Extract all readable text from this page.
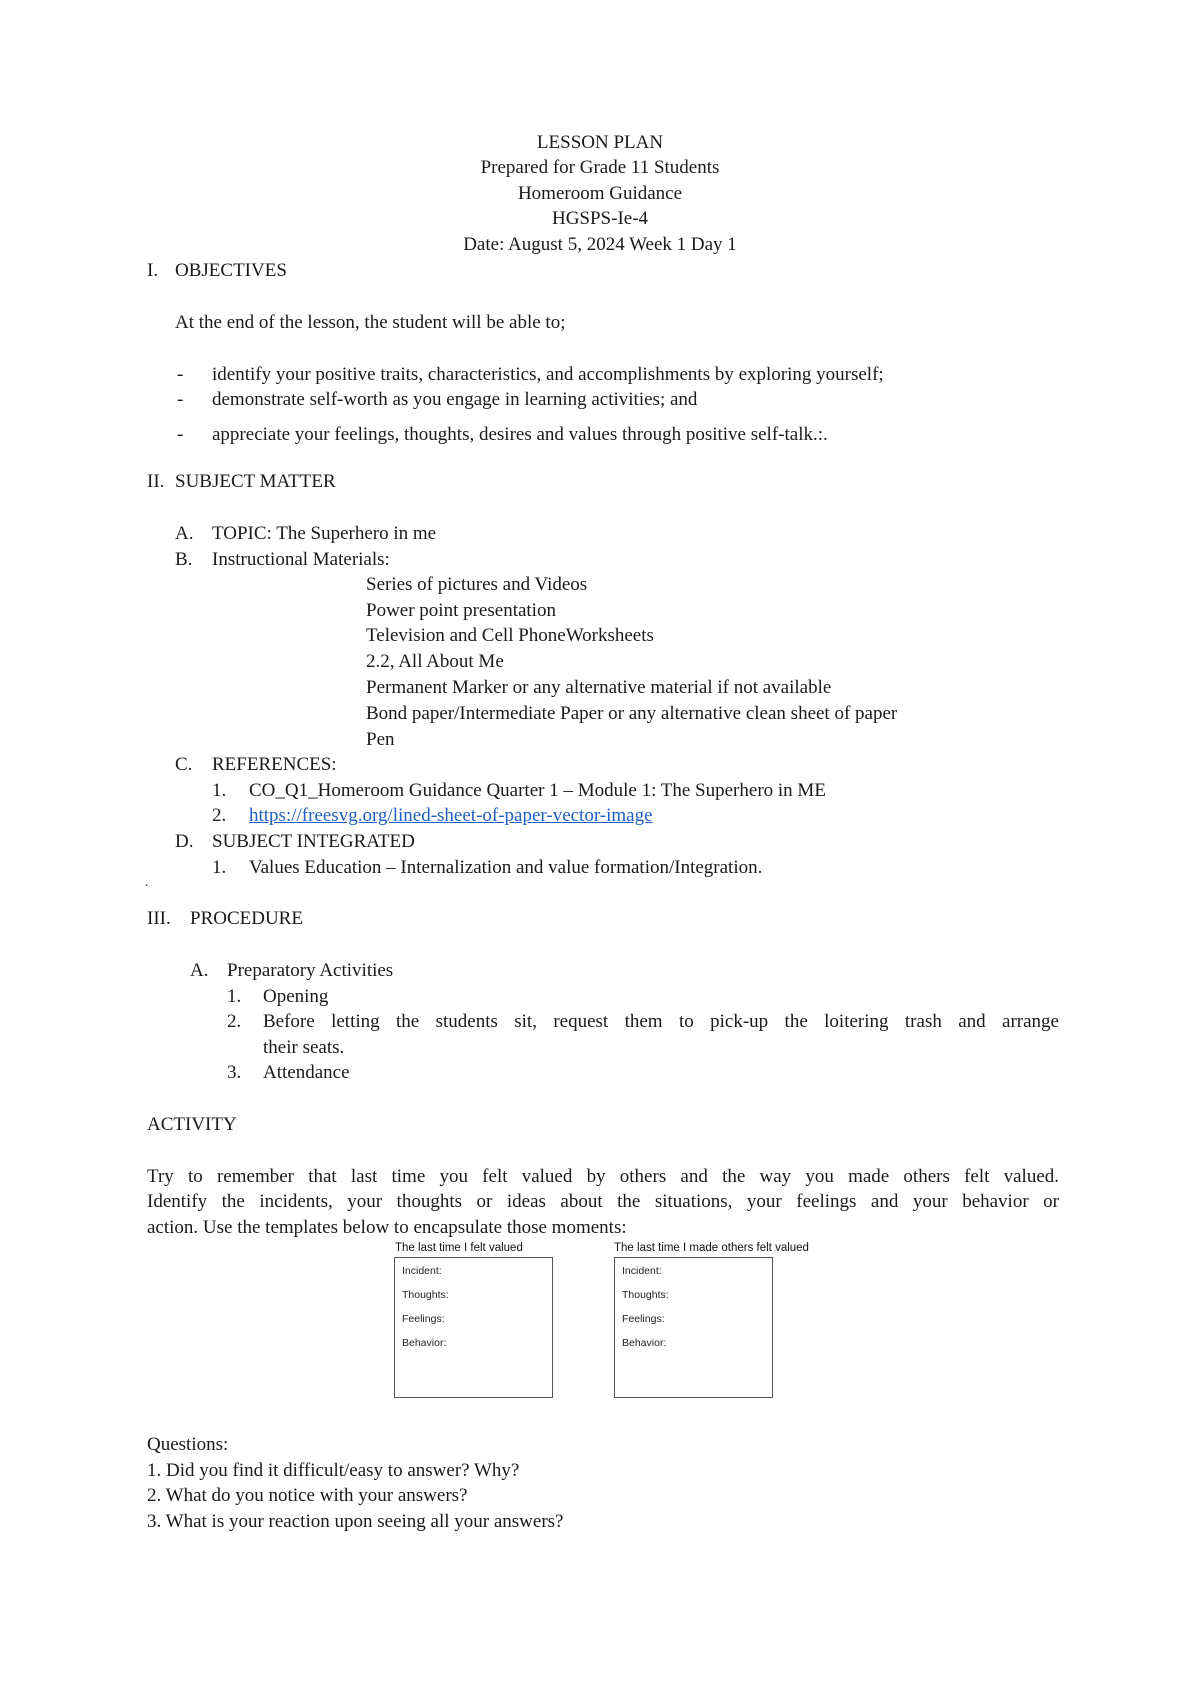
LESSON PLAN
Prepared for Grade 11 Students
Homeroom Guidance
HGSPS-Ie-4
Date: August 5, 2024 Week 1 Day 1
I. OBJECTIVES
At the end of the lesson, the student will be able to;
- identify your positive traits, characteristics, and accomplishments by exploring yourself;
- demonstrate self-worth as you engage in learning activities; and
- appreciate your feelings, thoughts, desires and values through positive self-talk.:.
II. SUBJECT MATTER
A. TOPIC: The Superhero in me
B. Instructional Materials:
Series of pictures and Videos
Power point presentation
Television and Cell PhoneWorksheets
2.2, All About Me
Permanent Marker or any alternative material if not available
Bond paper/Intermediate Paper or any alternative clean sheet of paper
Pen
C. REFERENCES:
1. CO_Q1_Homeroom Guidance Quarter 1 – Module 1: The Superhero in ME
2. https://freesvg.org/lined-sheet-of-paper-vector-image
D. SUBJECT INTEGRATED
1. Values Education – Internalization and value formation/Integration.
.
III. PROCEDURE
A. Preparatory Activities
1. Opening
2. Before letting the students sit, request them to pick-up the loitering trash and arrange
their seats.
3. Attendance
ACTIVITY
Try to remember that last time you felt valued by others and the way you made others felt valued.
Identify the incidents, your thoughts or ideas about the situations, your feelings and your behavior or
action. Use the templates below to encapsulate those moments:
The last time I felt valued
Incident:
Thoughts:
Feelings:
Behavior:
The last time I made others felt valued
Incident:
Thoughts:
Feelings:
Behavior:
Questions:
1. Did you find it difficult/easy to answer? Why?
2. What do you notice with your answers?
3. What is your reaction upon seeing all your answers?
